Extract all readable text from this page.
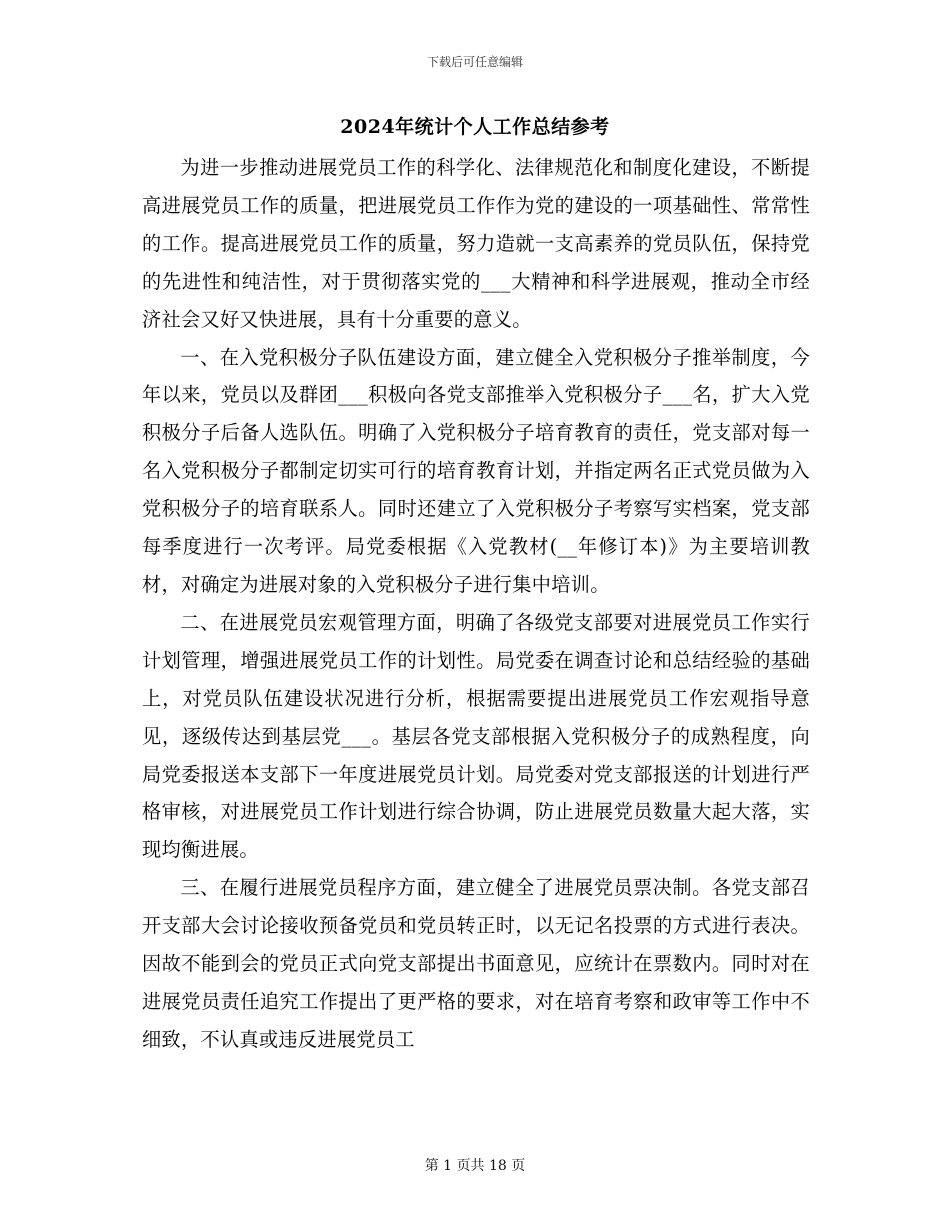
下载后可任意编辑
2024年统计个人工作总结参考

为进一步推动进展党员工作的科学化、法律规范化和制度化建设，不断提高进展党员工作的质量，把进展党员工作作为党的建设的一项基础性、常常性的工作。提高进展党员工作的质量，努力造就一支高素养的党员队伍，保持党的先进性和纯洁性，对于贯彻落实党的___大精神和科学进展观，推动全市经济社会又好又快进展，具有十分重要的意义。

一、在入党积极分子队伍建设方面，建立健全入党积极分子推举制度，今年以来，党员以及群团___积极向各党支部推举入党积极分子___名，扩大入党积极分子后备人选队伍。明确了入党积极分子培育教育的责任，党支部对每一名入党积极分子都制定切实可行的培育教育计划，并指定两名正式党员做为入党积极分子的培育联系人。同时还建立了入党积极分子考察写实档案，党支部每季度进行一次考评。局党委根据《入党教材(__年修订本)》为主要培训教材，对确定为进展对象的入党积极分子进行集中培训。

二、在进展党员宏观管理方面，明确了各级党支部要对进展党员工作实行计划管理，增强进展党员工作的计划性。局党委在调查讨论和总结经验的基础上，对党员队伍建设状况进行分析，根据需要提出进展党员工作宏观指导意见，逐级传达到基层党___。基层各党支部根据入党积极分子的成熟程度，向局党委报送本支部下一年度进展党员计划。局党委对党支部报送的计划进行严格审核，对进展党员工作计划进行综合协调，防止进展党员数量大起大落，实现均衡进展。

三、在履行进展党员程序方面，建立健全了进展党员票决制。各党支部召开支部大会讨论接收预备党员和党员转正时，以无记名投票的方式进行表决。因故不能到会的党员正式向党支部提出书面意见，应统计在票数内。同时对在进展党员责任追究工作提出了更严格的要求，对在培育考察和政审等工作中不细致，不认真或违反进展党员工

第 1 页共 18 页
